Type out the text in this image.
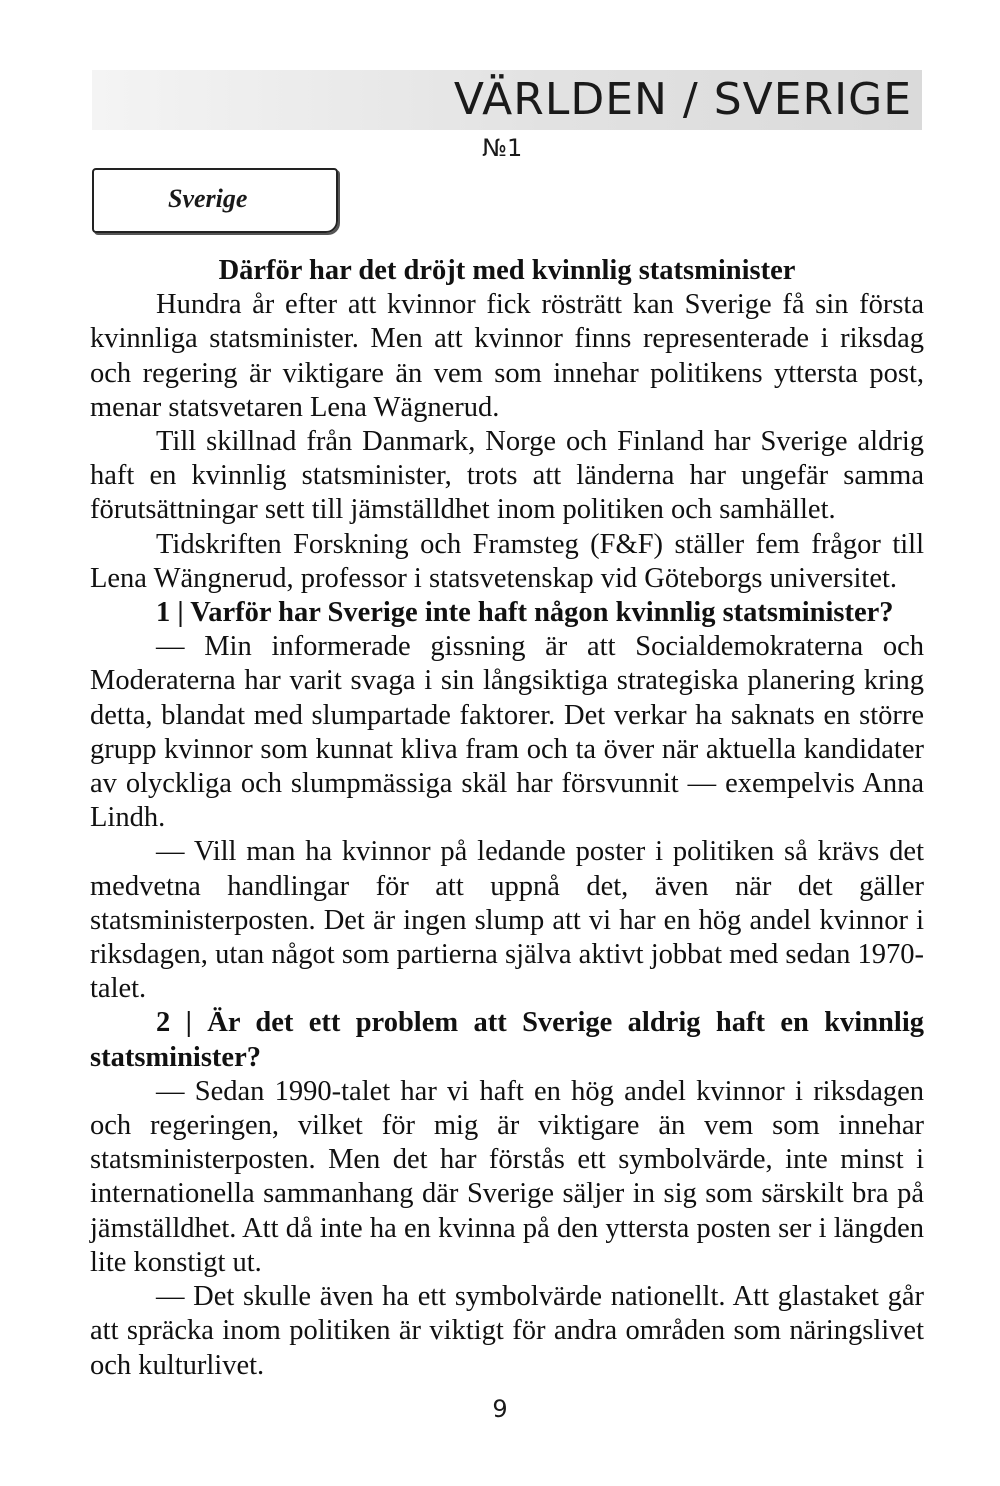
VÄRLDEN / SVERIGE
№1
Sverige
Därför har det dröjt med kvinnlig statsminister

Hundra år efter att kvinnor fick rösträtt kan Sverige få sin första kvinnliga statsminister. Men att kvinnor finns representerade i riksdag och regering är viktigare än vem som innehar politikens yttersta post, menar statsvetaren Lena Wägnerud.

Till skillnad från Danmark, Norge och Finland har Sverige aldrig haft en kvinnlig statsminister, trots att länderna har ungefär samma förutsättningar sett till jämställdhet inom politiken och samhället.

Tidskriften Forskning och Framsteg (F&F) ställer fem frågor till Lena Wängnerud, professor i statsvetenskap vid Göteborgs universitet.

1 | Varför har Sverige inte haft någon kvinnlig statsminister?

— Min informerade gissning är att Socialdemokraterna och Moderaterna har varit svaga i sin långsiktiga strategiska planering kring detta, blandat med slumpartade faktorer. Det verkar ha saknats en större grupp kvinnor som kunnat kliva fram och ta över när aktuella kandidater av olyckliga och slumpmässiga skäl har försvunnit — exempelvis Anna Lindh.

— Vill man ha kvinnor på ledande poster i politiken så krävs det medvetna handlingar för att uppnå det, även när det gäller statsministerposten. Det är ingen slump att vi har en hög andel kvinnor i riksdagen, utan något som partierna själva aktivt jobbat med sedan 1970-talet.

2 | Är det ett problem att Sverige aldrig haft en kvinnlig statsminister?

— Sedan 1990-talet har vi haft en hög andel kvinnor i riksdagen och regeringen, vilket för mig är viktigare än vem som innehar statsministerposten. Men det har förstås ett symbolvärde, inte minst i internationella sammanhang där Sverige säljer in sig som särskilt bra på jämställdhet. Att då inte ha en kvinna på den yttersta posten ser i längden lite konstigt ut.

— Det skulle även ha ett symbolvärde nationellt. Att glastaket går att spräcka inom politiken är viktigt för andra områden som näringslivet och kulturlivet.

9
